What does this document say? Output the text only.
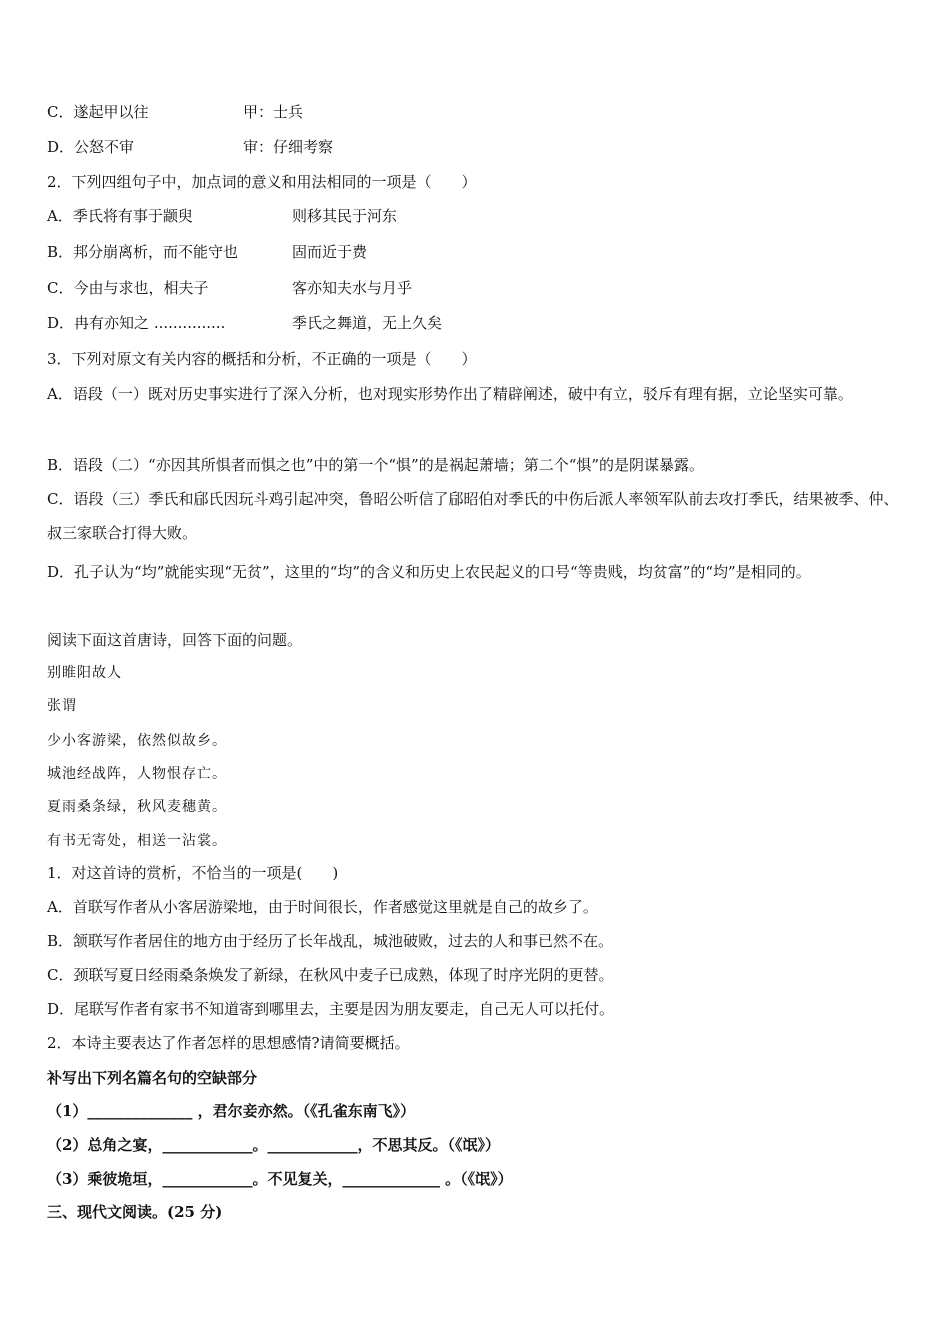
C．遂起甲以往	甲：士兵
D．公怒不审	审：仔细考察
2．下列四组句子中，加点词的意义和用法相同的一项是（　　）
A．季氏将有事于颛臾	则移其民于河东
B．邦分崩离析，而不能守也	固而近于费
C．今由与求也，相夫子	客亦知夫水与月乎
D．冉有亦知之 ...............	季氏之舞道，无上久矣
3．下列对原文有关内容的概括和分析，不正确的一项是（　　）
A．语段（一）既对历史事实进行了深入分析，也对现实形势作出了精辟阐述，破中有立，驳斥有理有据，立论坚实可靠。
B．语段（二）“亦因其所惧者而惧之也”中的第一个“惧”的是祸起萧墙；第二个“惧”的是阴谋暴露。
C．语段（三）季氏和郈氏因玩斗鸡引起冲突，鲁昭公听信了郈昭伯对季氏的中伤后派人率领军队前去攻打季氏，结果被季、仲、叔三家联合打得大败。
D．孔子认为“均”就能实现“无贫”，这里的“均”的含义和历史上农民起义的口号“等贵贱，均贫富”的“均”是相同的。
阅读下面这首唐诗，回答下面的问题。
别睢阳故人
张谓
少小客游梁，依然似故乡。
城池经战阵，人物恨存亡。
夏雨桑条绿，秋风麦穗黄。
有书无寄处，相送一沾裳。
1．对这首诗的赏析，不恰当的一项是(　　)
A．首联写作者从小客居游梁地，由于时间很长，作者感觉这里就是自己的故乡了。
B．颔联写作者居住的地方由于经历了长年战乱，城池破败，过去的人和事已然不在。
C．颈联写夏日经雨桑条焕发了新绿，在秋风中麦子已成熟，体现了时序光阴的更替。
D．尾联写作者有家书不知道寄到哪里去，主要是因为朋友要走，自己无人可以托付。
2．本诗主要表达了作者怎样的思想感情?请简要概括。
补写出下列名篇名句的空缺部分
（1）______________ ，君尔妾亦然。（《孔雀东南飞》）
（2）总角之宴，____________。____________，不思其反。（《氓》）
（3）乘彼垝垣，____________。不见复关，_____________ 。（《氓》）
三、现代文阅读。(25 分)
